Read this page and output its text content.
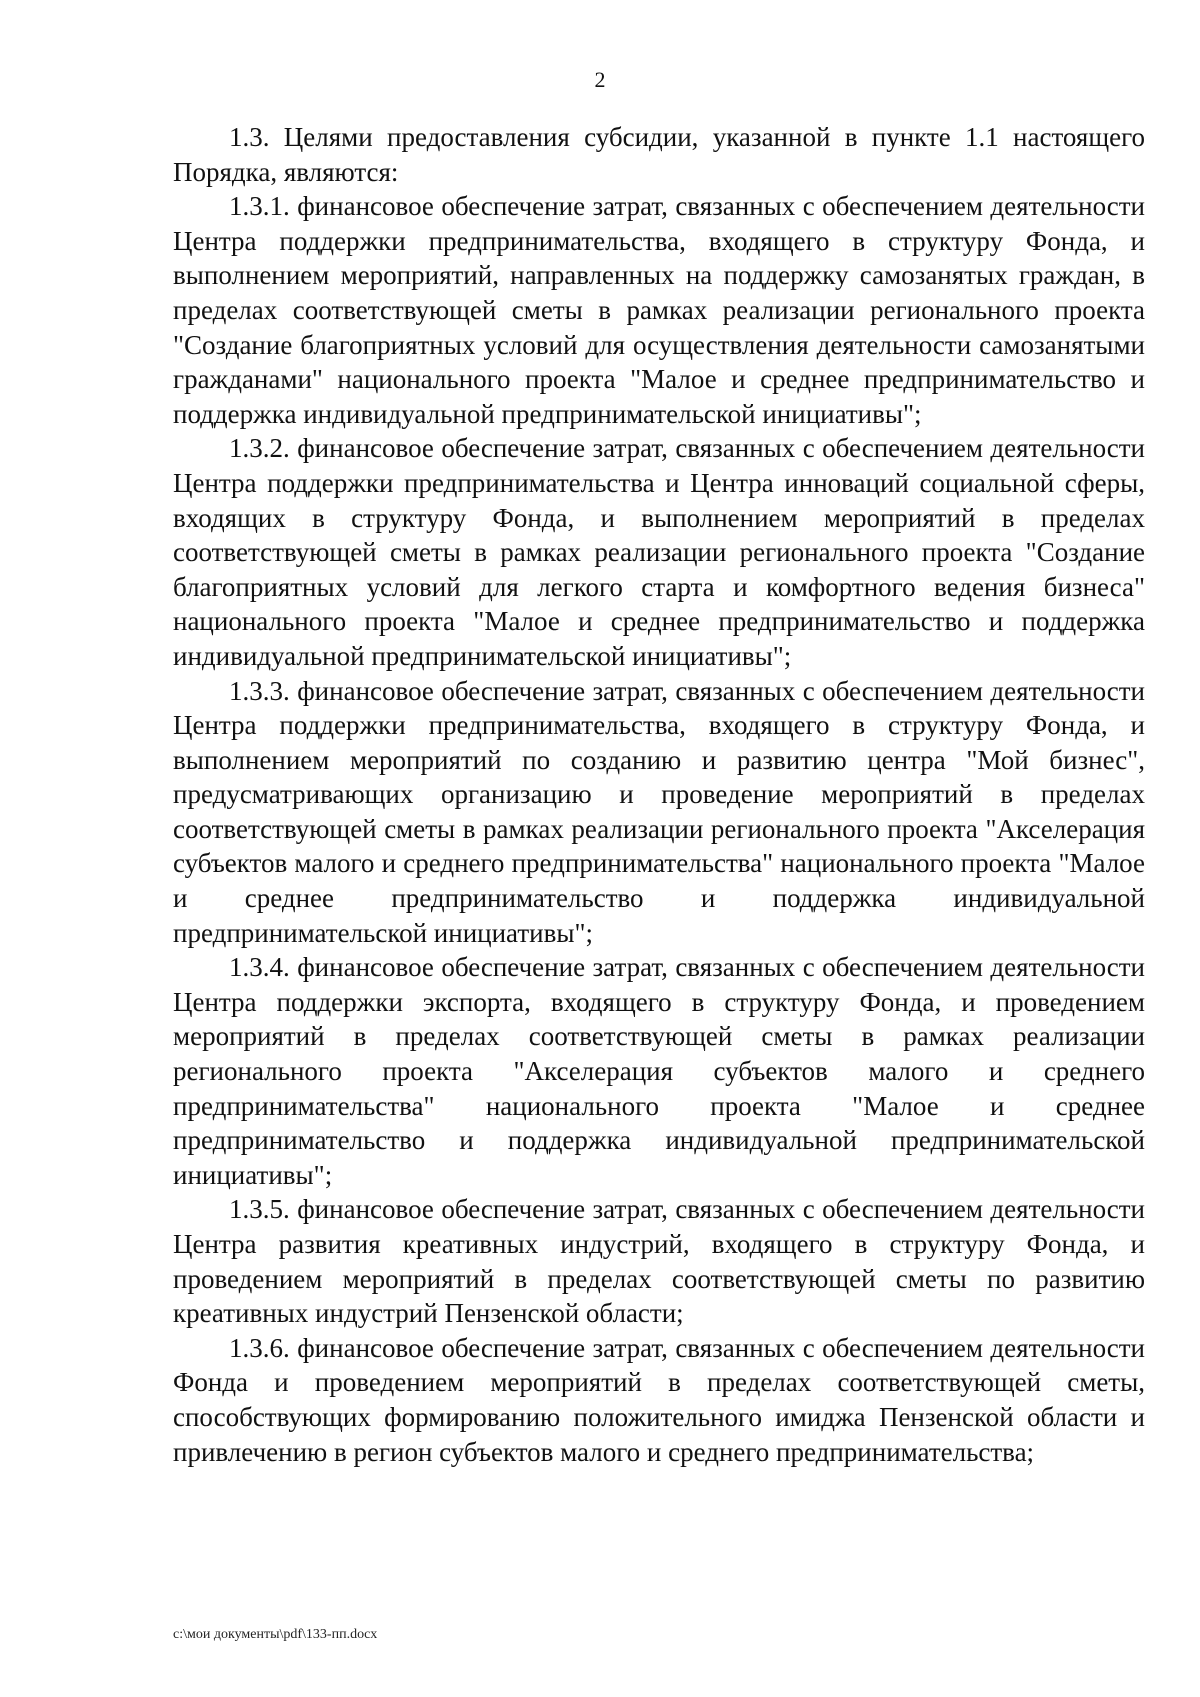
2

1.3. Целями предоставления субсидии, указанной в пункте 1.1 настоящего Порядка, являются:

1.3.1. финансовое обеспечение затрат, связанных с обеспечением деятельности Центра поддержки предпринимательства, входящего в структуру Фонда, и выполнением мероприятий, направленных на поддержку самозанятых граждан, в пределах соответствующей сметы в рамках реализации регионального проекта "Создание благоприятных условий для осуществления деятельности самозанятыми гражданами" национального проекта "Малое и среднее предпринимательство и поддержка индивидуальной предпринимательской инициативы";

1.3.2. финансовое обеспечение затрат, связанных с обеспечением деятельности Центра поддержки предпринимательства и Центра инноваций социальной сферы, входящих в структуру Фонда, и выполнением мероприятий в пределах соответствующей сметы в рамках реализации регионального проекта "Создание благоприятных условий для легкого старта и комфортного ведения бизнеса" национального проекта "Малое и среднее предпринимательство и поддержка индивидуальной предпринимательской инициативы";

1.3.3. финансовое обеспечение затрат, связанных с обеспечением деятельности Центра поддержки предпринимательства, входящего в структуру Фонда, и выполнением мероприятий по созданию и развитию центра "Мой бизнес", предусматривающих организацию и проведение мероприятий в пределах соответствующей сметы в рамках реализации регионального проекта "Акселерация субъектов малого и среднего предпринимательства" национального проекта "Малое и среднее предпринимательство и поддержка индивидуальной предпринимательской инициативы";

1.3.4. финансовое обеспечение затрат, связанных с обеспечением деятельности Центра поддержки экспорта, входящего в структуру Фонда, и проведением мероприятий в пределах соответствующей сметы в рамках реализации регионального проекта "Акселерация субъектов малого и среднего предпринимательства" национального проекта "Малое и среднее предпринимательство и поддержка индивидуальной предпринимательской инициативы";

1.3.5. финансовое обеспечение затрат, связанных с обеспечением деятельности Центра развития креативных индустрий, входящего в структуру Фонда, и проведением мероприятий в пределах соответствующей сметы по развитию креативных индустрий Пензенской области;

1.3.6. финансовое обеспечение затрат, связанных с обеспечением деятельности Фонда и проведением мероприятий в пределах соответствующей сметы, способствующих формированию положительного имиджа Пензенской области и привлечению в регион субъектов малого и среднего предпринимательства;

c:\мои документы\pdf\133-пп.docx
